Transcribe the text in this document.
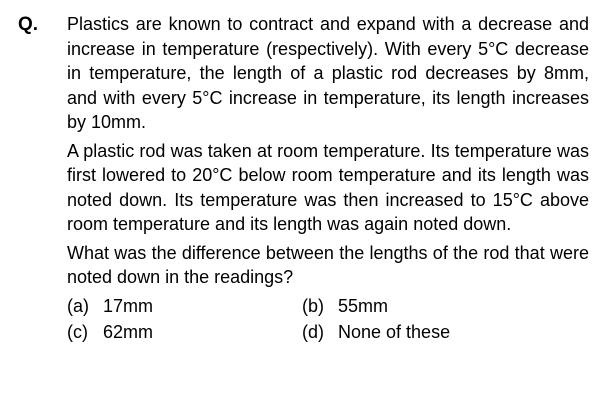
Q. Plastics are known to contract and expand with a decrease and increase in temperature (respectively). With every 5°C decrease in temperature, the length of a plastic rod decreases by 8mm, and with every 5°C increase in temperature, its length increases by 10mm.

A plastic rod was taken at room temperature. Its temperature was first lowered to 20°C below room temperature and its length was noted down. Its temperature was then increased to 15°C above room temperature and its length was again noted down.

What was the difference between the lengths of the rod that were noted down in the readings?

(a) 17mm	(b) 55mm
(c) 62mm	(d) None of these
